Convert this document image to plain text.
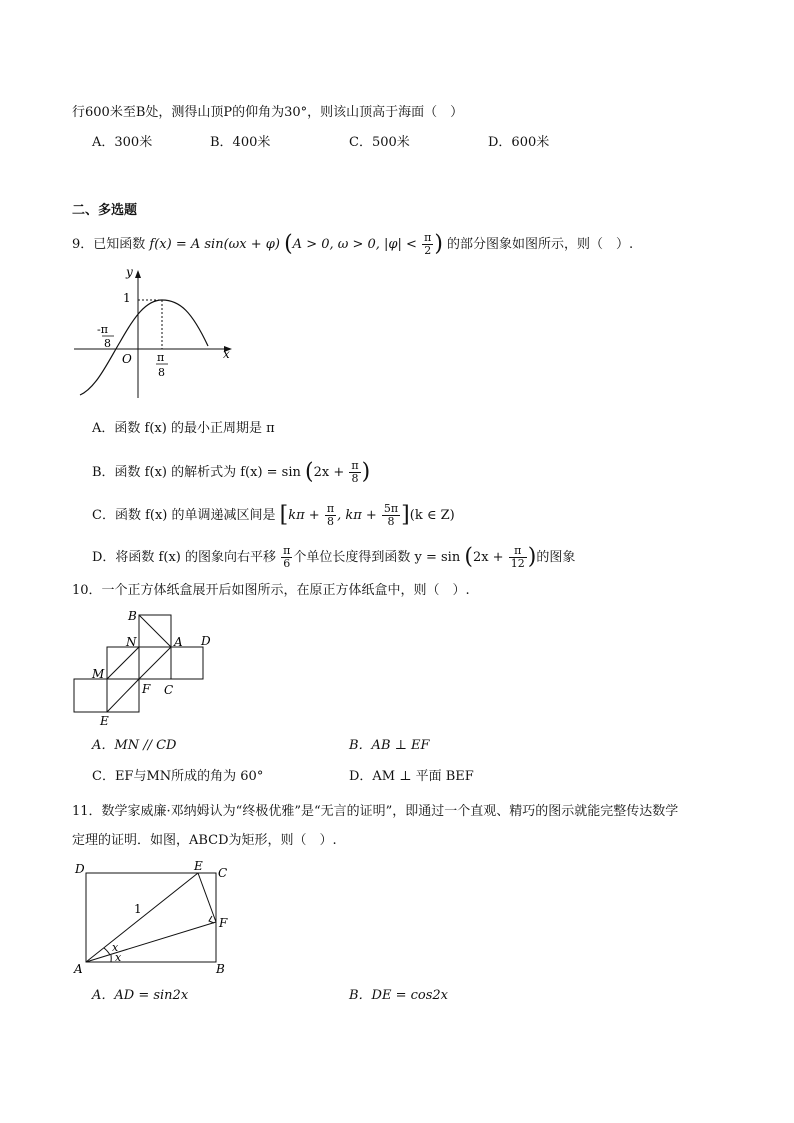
行600米至B处，测得山顶P的仰角为30°，则该山顶高于海面（　）
A．300米	B．400米	C．500米	D．600米
二、多选题
9．已知函数 f(x) = A sin(ωx + φ) (A > 0, ω > 0, $|\varphi| < \frac{\pi}{2}$ ) 的部分图象如图所示，则（　）.
y
x
1
O
-π
8
π
8
A．函数 f(x) 的最小正周期是 π
B．函数 f(x) 的解析式为 $f(x) = \sin (2x + \frac{\pi}{8}$ )
C．函数 f(x) 的单调递减区间是 [$k\pi + \frac{\pi}{8}$ , $k\pi + \frac{5\pi}{8} ](k$ ∈ Z)
D．将函数 f(x) 的图象向右平移 $\frac{\pi}{6}$ 个单位长度得到函数 $y = \sin (2x + \frac{\pi}{12}$ )的图象
10．一个正方体纸盒展开后如图所示，在原正方体纸盒中，则（　）.
B
N	A D
M
F C
E
A．MN // CD	B．AB ⊥ EF
C．EF与MN所成的角为 60°	D．AM ⊥ 平面 BEF
11．数学家威廉·邓纳姆认为“终极优雅”是“无言的证明”，即通过一个直观、精巧的图示就能完整传达数学
定理的证明．如图，ABCD为矩形，则（　）.
D	E C
F
A	B
1
x
x
A．AD = sin2x	B．DE = cos2x
